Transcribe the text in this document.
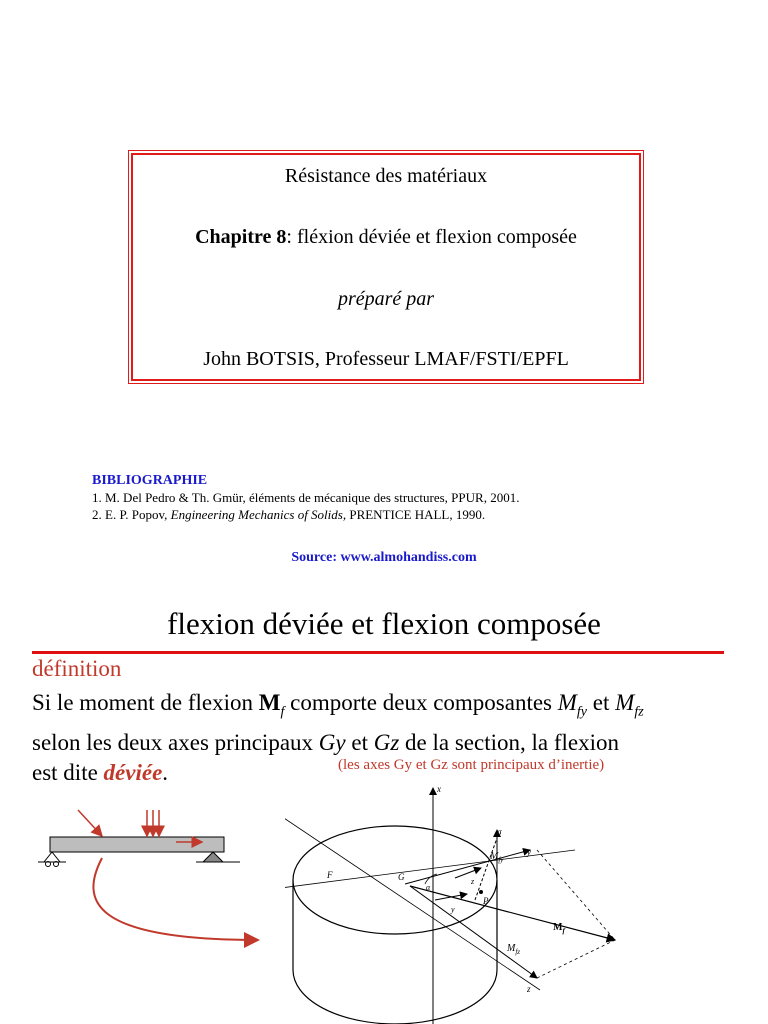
Résistance des matériaux
Chapitre 8: fléxion déviée et flexion composée
préparé par
John BOTSIS, Professeur LMAF/FSTI/EPFL
BIBLIOGRAPHIE
1. M. Del Pedro & Th. Gmür, éléments de mécanique des structures, PPUR, 2001.
2. E. P. Popov, Engineering Mechanics of Solids, PRENTICE HALL, 1990.
Source: www.almohandiss.com
flexion déviée et flexion composée
définition
Si le moment de flexion $M_f$ comporte deux composantes $M_{fy}$ et $M_{fz}$
selon les deux axes principaux Gy et Gz de la section, la flexion
est dite déviée.	(les axes Gy et Gz sont principaux d’inertie)
x
σ
$M_{fy}$
y
F	G
α
z
P
y
$M_f$
$M_{fz}$
z
